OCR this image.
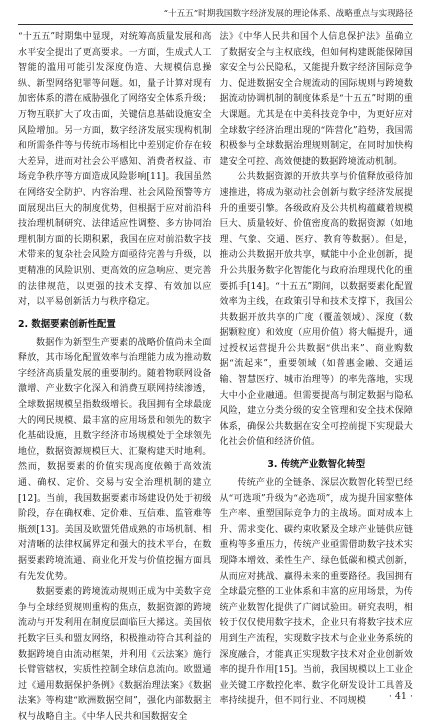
“十五五”时期我国数字经济发展的理论体系、战略重点与实现路径

“十五五”时期集中显现，对统筹高质量发展和高水平安全提出了更高要求。一方面，生成式人工智能的滥用可能引发深度伪造、大规模信息操纵、新型网络犯罪等问题。如，量子计算对现有加密体系的潜在威胁强化了网络安全体系升级；万物互联扩大了攻击面，关键信息基础设施安全风险增加。另一方面，数字经济发展实现构机制和所需条件等与传统市场相比中差别定价存在较大差异，进而对社会公平感知、消费者权益、市场竞争秩序等方面造成风险影响[11]。我国虽然在网络安全防护、内容治理、社会风险预警等方面展现出巨大的制度优势，但根据于应对前沿科技治理机制研究、法律适应性调整、多方协同治理机制方面的长期积累，我国在应对前沿数字技术带来的复杂社会风险方面亟待完善与升级，以更精准的风险识别、更高效的应急响应、更完善的法律规范，以更强的技术支撑、有效加以应对，以平易创新活力与秩序稳定。

2. 数据要素创新性配置

数据作为新型生产要素的战略价值尚未全面释放，其市场化配置效率与治理能力成为推动数字经济高质量发展的重要制约。随着物联网设备激增、产业数字化深入和消费互联网持续渗透，全球数据规模呈指数级增长。我国拥有全球最庞大的网民规模、最丰富的应用场景和领先的数字化基础设施，且数字经济市场规模处于全球领先地位，数据资源规模巨大、汇聚构建天时地利。然而，数据要素的价值实现高度依赖于高效流通、确权、定价、交易与安全治理机制的建立[12]。当前，我国数据要素市场建设仍处于初级阶段，存在确权难、定价难、互信难、监管难等瓶颈[13]。美国及欧盟凭借成熟的市场机制、相对清晰的法律权属界定和强大的技术平台，在数据要素跨境流通、商业化开发与价值挖掘方面具有先发优势。

数据要素的跨境流动规则正成为中美数字竞争与全球经贸规则重构的焦点，数据资源的跨境流动与开发利用在制度层面临巨大挮这。美国依托数字巨头和盟友网络，积极推动符合其利益的数据跨境自由流动框架，并利用《云法案》施行长臂管辖权，实质性控制全球信息流向。欧盟通过《通用数据保护条例》《数据治理法案》《数据法案》等构建“欧洲数据空间”，强化内部数据主权与战略自主。《中华人民共和国数据安全

法》《中华人民共和国个人信息保护法》虽确立了数据安全与主权底线，但如何构建既能保障国家安全与公民隐私，又能提升数字经济国际竞争力、促进数据安全合规流动的国际规则与跨境数据流动协调机制的制度体系是“十五五”时期的重大课题。尤其是在中美科技竞争中，为更好应对全球数字经济治理出现的“阵营化”趋势，我国需积极参与全球数据治理规则制定，在同时加快构建安全可控、高效便捷的数据跨境流动机制。

公共数据资源的开放共享与价值释放亟待加速推进，将成为驱动社会创新与数字经济发展提升的重要引擎。各级政府及公共机构蕴藏着规模巨大、质量较好、价值密度高的数据资源（如地理、气象、交通、医疗、教育等数据）。但是，推动公共数据开放共享，赋能中小企业创新，提升公共服务数字化智能化与政府治理现代化的重要抓手[14]。“十五五”期间，以数据要素化配置效率为主线，在政策引导和技术支撑下，我国公共数据开放共享的广度（覆盖领域）、深度（数据颗粒度）和效度（应用价值）将大幅提升，通过授权运营提升公共数据“供出来”、商业购数据“流起来”，重要领域（如普惠金融、交通运输、智慧医疗、城市治理等）的率先落地，实现大中小企业融通。但需要提高与制定数据与隐私风险，建立分类分级的安全管理和安全技术保障体系，确保公共数据在安全可控前提下实现最大化社会价值和经济价值。

3. 传统产业数智化转型

传统产业的全链条、深层次数智化转型已经从“可选项”升级为“必选项”，成为提升国家整体生产率、重塑国际竞争力的主战场。面对成本上升、需求变化、碳约束收紧及全球产业链供应链重构等多重压力，传统产业亟需借助数字技术实现降本增效、柔性生产、绿色低碳和模式创新，从而应对挑战、赢得未来的重要路径。我国拥有全球最完整的工业体系和丰富的应用场景，为传统产业数智化提供了广阔试验田。研究表明，相较于仅仅使用数字技术，企业只有将数字技术应用到生产流程，实现数字技术与企业业务系统的深度融合，才能真正实现数字技术对企业创新效率的提升作用[15]。当前，我国规模以上工业企业关键工序数控化率、数字化研发设计工具普及率持续提升，但不同行业、不同规模	· 41 ·
